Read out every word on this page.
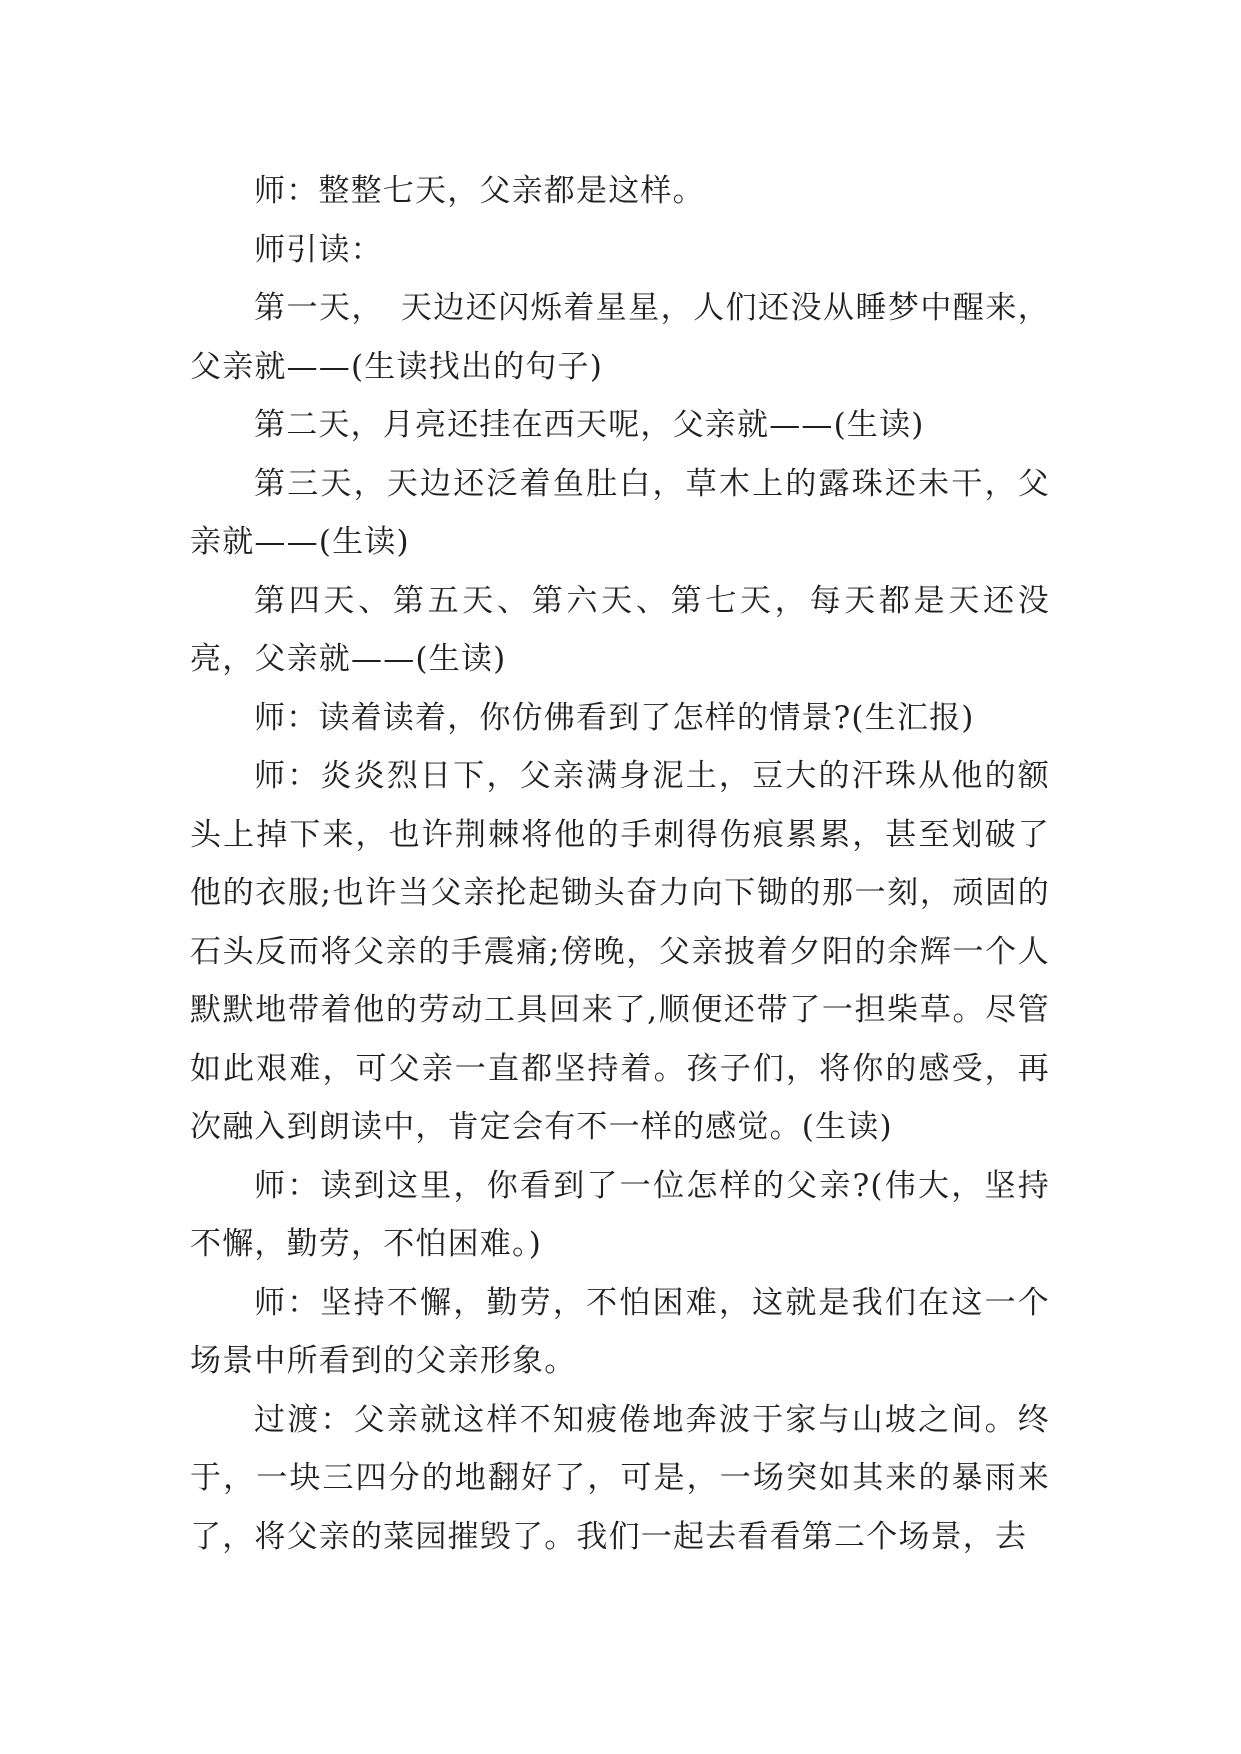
师：整整七天，父亲都是这样。

师引读：

第一天，　天边还闪烁着星星，人们还没从睡梦中醒来，父亲就——(生读找出的句子)

第二天，月亮还挂在西天呢，父亲就——(生读)

第三天，天边还泛着鱼肚白，草木上的露珠还未干，父亲就——(生读)

第四天、第五天、第六天、第七天，每天都是天还没亮，父亲就——(生读)

师：读着读着，你仿佛看到了怎样的情景?(生汇报)

师：炎炎烈日下，父亲满身泥土，豆大的汗珠从他的额头上掉下来，也许荆棘将他的手刺得伤痕累累，甚至划破了他的衣服;也许当父亲抡起锄头奋力向下锄的那一刻，顽固的石头反而将父亲的手震痛;傍晚，父亲披着夕阳的余辉一个人默默地带着他的劳动工具回来了,顺便还带了一担柴草。尽管如此艰难，可父亲一直都坚持着。孩子们，将你的感受，再次融入到朗读中，肯定会有不一样的感觉。(生读)

师：读到这里，你看到了一位怎样的父亲?(伟大，坚持不懈，勤劳，不怕困难。)

师：坚持不懈，勤劳，不怕困难，这就是我们在这一个场景中所看到的父亲形象。

过渡：父亲就这样不知疲倦地奔波于家与山坡之间。终于，一块三四分的地翻好了，可是，一场突如其来的暴雨来了，将父亲的菜园摧毁了。我们一起去看看第二个场景，去
